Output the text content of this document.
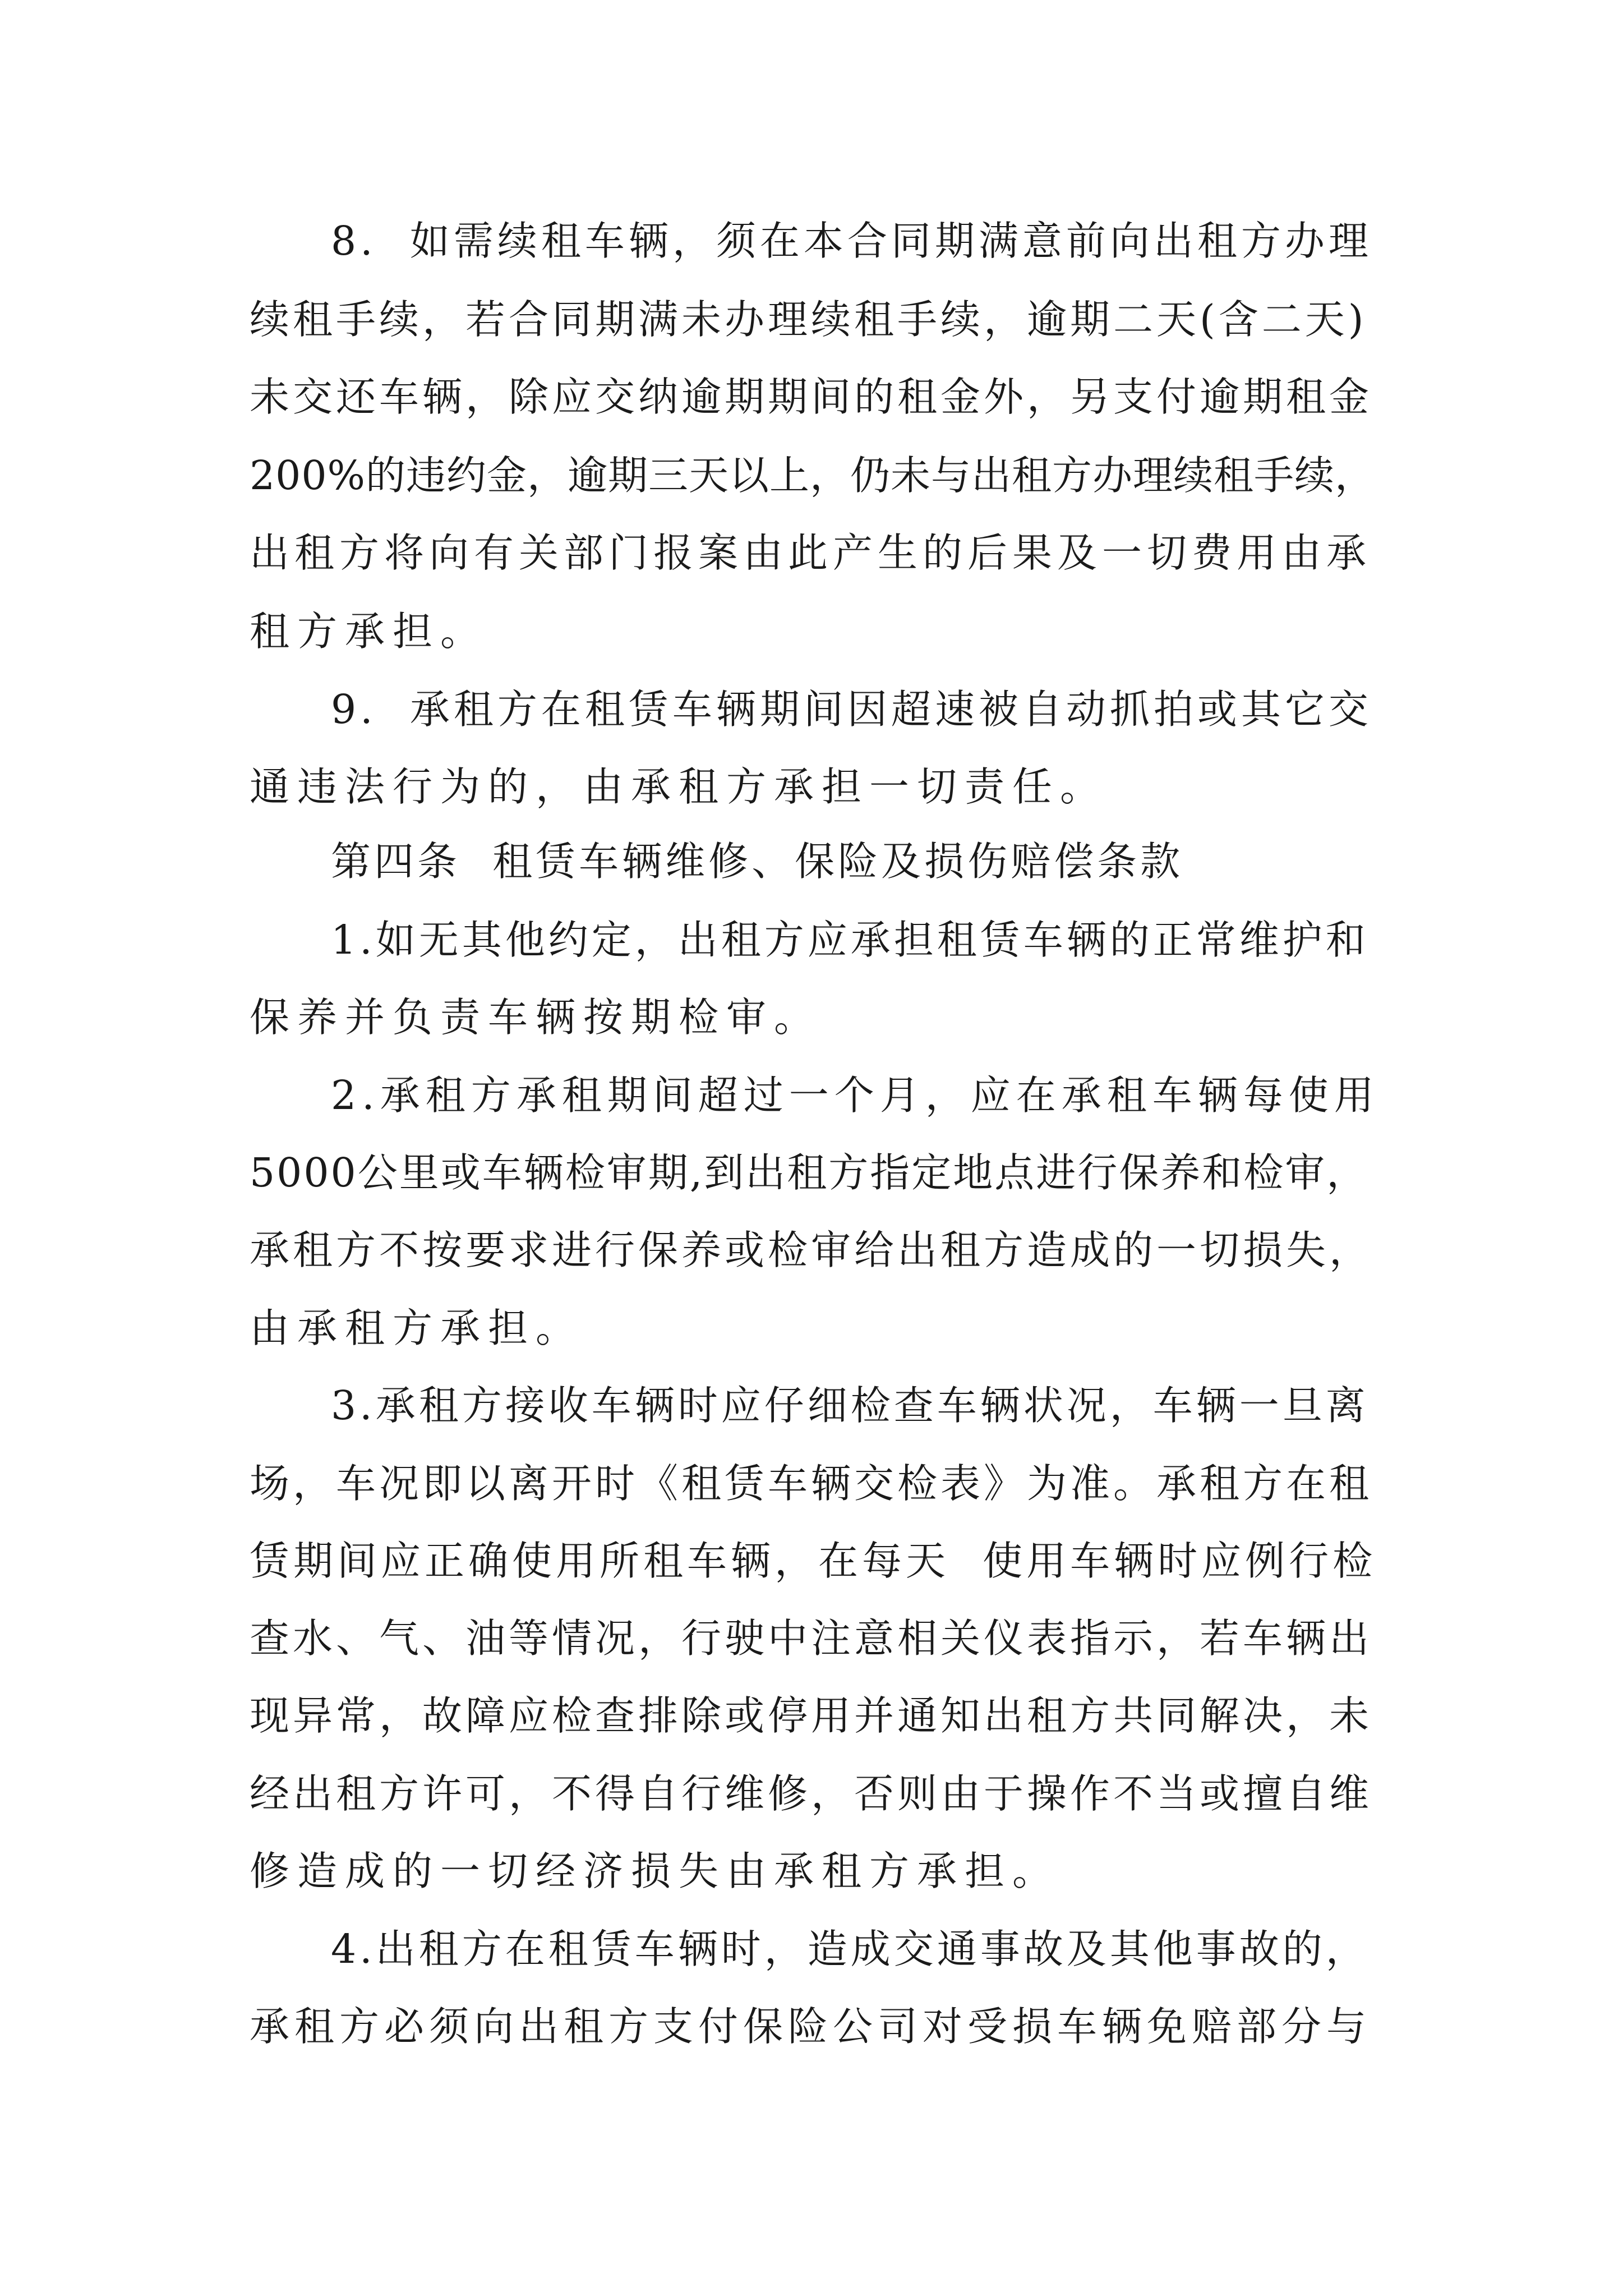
8.  如需续租车辆，须在本合同期满意前向出租方办理
续租手续，若合同期满未办理续租手续，逾期二天(含二天)
未交还车辆，除应交纳逾期期间的租金外，另支付逾期租金
200%的违约金，逾期三天以上，仍未与出租方办理续租手续，
出租方将向有关部门报案由此产生的后果及一切费用由承
租方承担。
9.  承租方在租赁车辆期间因超速被自动抓拍或其它交
通违法行为的，由承租方承担一切责任。
第四条  租赁车辆维修、保险及损伤赔偿条款
1.如无其他约定，出租方应承担租赁车辆的正常维护和
保养并负责车辆按期检审。
2.承租方承租期间超过一个月，应在承租车辆每使用
5000公里或车辆检审期,到出租方指定地点进行保养和检审，
承租方不按要求进行保养或检审给出租方造成的一切损失，
由承租方承担。
3.承租方接收车辆时应仔细检查车辆状况，车辆一旦离
场，车况即以离开时《租赁车辆交检表》为准。承租方在租
赁期间应正确使用所租车辆，在每天  使用车辆时应例行检
查水、气、油等情况，行驶中注意相关仪表指示，若车辆出
现异常，故障应检查排除或停用并通知出租方共同解决，未
经出租方许可，不得自行维修，否则由于操作不当或擅自维
修造成的一切经济损失由承租方承担。
4.出租方在租赁车辆时，造成交通事故及其他事故的，
承租方必须向出租方支付保险公司对受损车辆免赔部分与
